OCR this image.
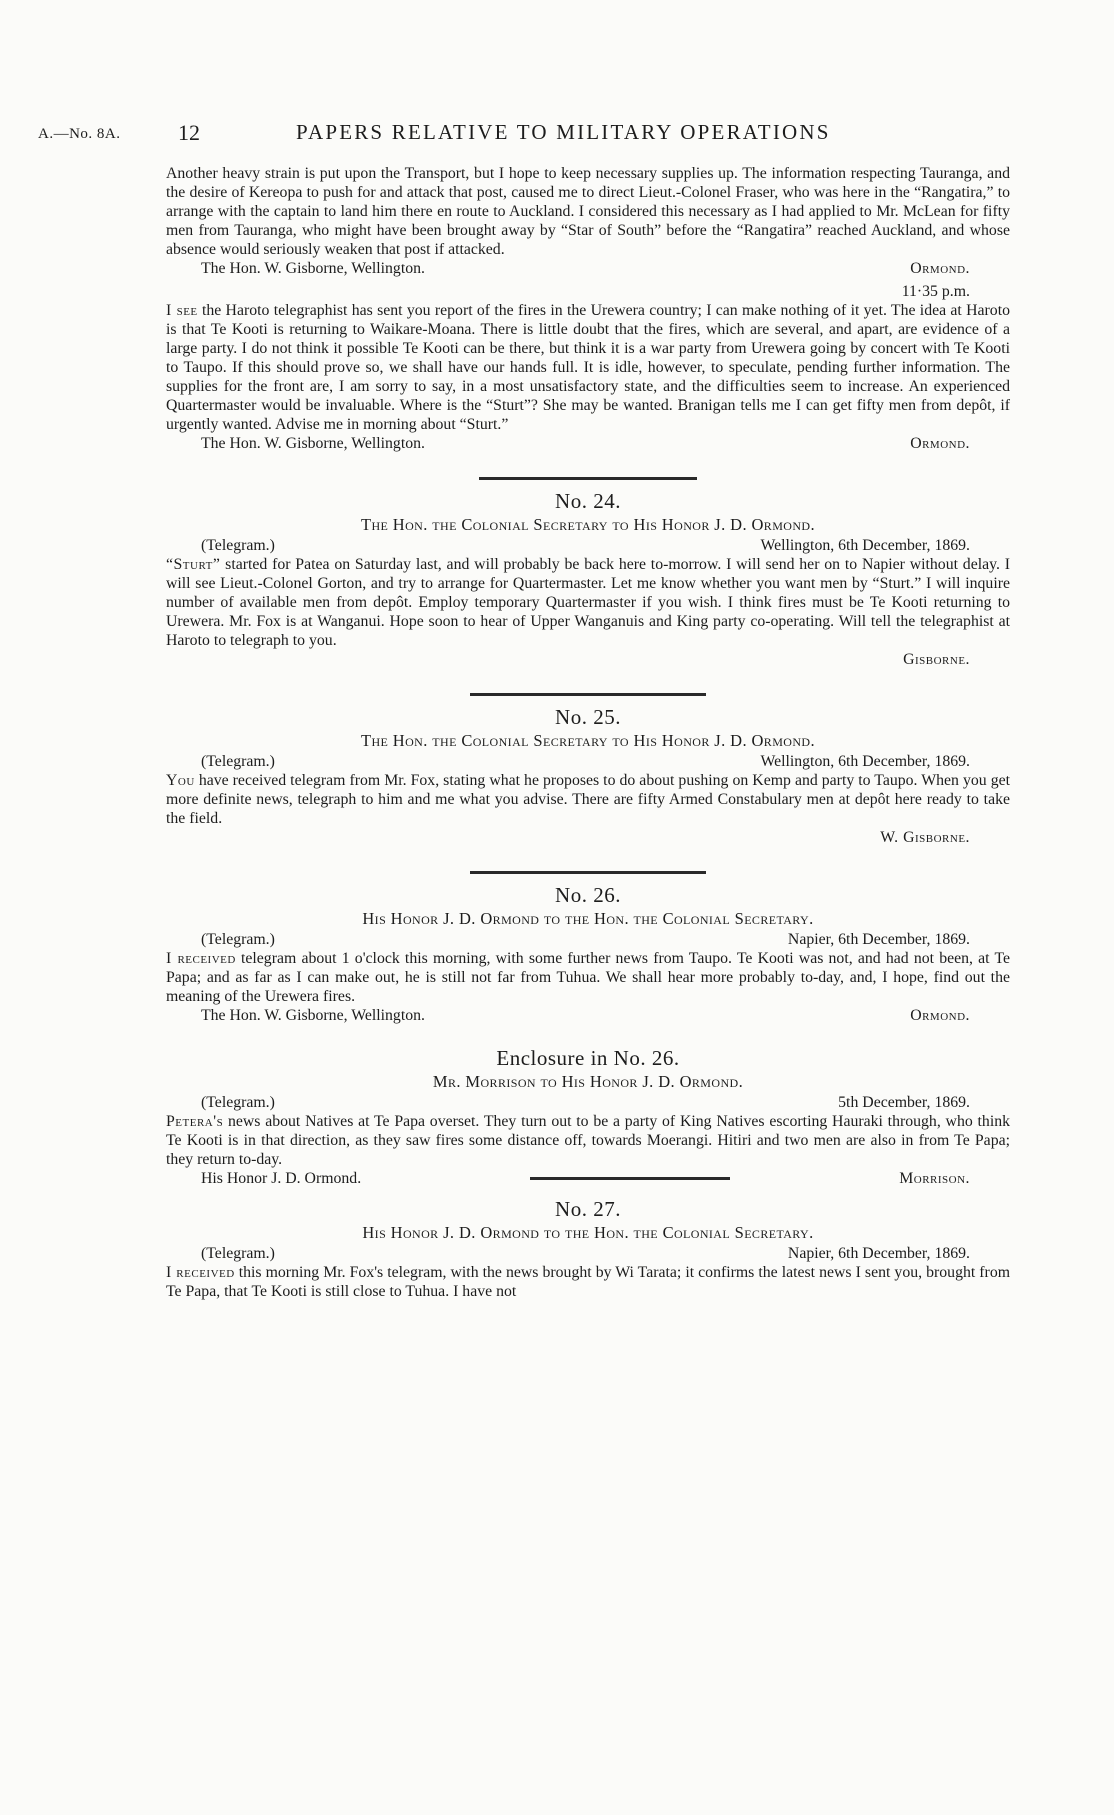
A.—No. 8A.	12	PAPERS RELATIVE TO MILITARY OPERATIONS

Another heavy strain is put upon the Transport, but I hope to keep necessary supplies up. The information respecting Tauranga, and the desire of Kereopa to push for and attack that post, caused me to direct Lieut.-Colonel Fraser, who was here in the “Rangatira,” to arrange with the captain to land him there en route to Auckland. I considered this necessary as I had applied to Mr. McLean for fifty men from Tauranga, who might have been brought away by “Star of South” before the “Rangatira” reached Auckland, and whose absence would seriously weaken that post if attacked.

The Hon. W. Gisborne, Wellington.	Ormond.
11·35 p.m.

I see the Haroto telegraphist has sent you report of the fires in the Urewera country; I can make nothing of it yet. The idea at Haroto is that Te Kooti is returning to Waikare-Moana. There is little doubt that the fires, which are several, and apart, are evidence of a large party. I do not think it possible Te Kooti can be there, but think it is a war party from Urewera going by concert with Te Kooti to Taupo. If this should prove so, we shall have our hands full. It is idle, however, to speculate, pending further information. The supplies for the front are, I am sorry to say, in a most unsatisfactory state, and the difficulties seem to increase. An experienced Quartermaster would be invaluable. Where is the “Sturt”? She may be wanted. Branigan tells me I can get fifty men from depôt, if urgently wanted. Advise me in morning about “Sturt.”

The Hon. W. Gisborne, Wellington.	Ormond.
No. 24.
The Hon. the Colonial Secretary to His Honor J. D. Ormond.
(Telegram.)	Wellington, 6th December, 1869.

“Sturt” started for Patea on Saturday last, and will probably be back here to-morrow. I will send her on to Napier without delay. I will see Lieut.-Colonel Gorton, and try to arrange for Quartermaster. Let me know whether you want men by “Sturt.” I will inquire number of available men from depôt. Employ temporary Quartermaster if you wish. I think fires must be Te Kooti returning to Urewera. Mr. Fox is at Wanganui. Hope soon to hear of Upper Wanganuis and King party co-operating. Will tell the telegraphist at Haroto to telegraph to you.

Gisborne.
No. 25.
The Hon. the Colonial Secretary to His Honor J. D. Ormond.
(Telegram.)	Wellington, 6th December, 1869.

You have received telegram from Mr. Fox, stating what he proposes to do about pushing on Kemp and party to Taupo. When you get more definite news, telegraph to him and me what you advise. There are fifty Armed Constabulary men at depôt here ready to take the field.

W. Gisborne.
No. 26.
His Honor J. D. Ormond to the Hon. the Colonial Secretary.
(Telegram.)	Napier, 6th December, 1869.

I received telegram about 1 o'clock this morning, with some further news from Taupo. Te Kooti was not, and had not been, at Te Papa; and as far as I can make out, he is still not far from Tuhua. We shall hear more probably to-day, and, I hope, find out the meaning of the Urewera fires.

The Hon. W. Gisborne, Wellington.	Ormond.
Enclosure in No. 26.
Mr. Morrison to His Honor J. D. Ormond.
(Telegram.)	5th December, 1869.

Petera's news about Natives at Te Papa overset. They turn out to be a party of King Natives escorting Hauraki through, who think Te Kooti is in that direction, as they saw fires some distance off, towards Moerangi. Hitiri and two men are also in from Te Papa; they return to-day.

His Honor J. D. Ormond.	Morrison.
No. 27.
His Honor J. D. Ormond to the Hon. the Colonial Secretary.
(Telegram.)	Napier, 6th December, 1869.

I received this morning Mr. Fox's telegram, with the news brought by Wi Tarata; it confirms the latest news I sent you, brought from Te Papa, that Te Kooti is still close to Tuhua. I have not
